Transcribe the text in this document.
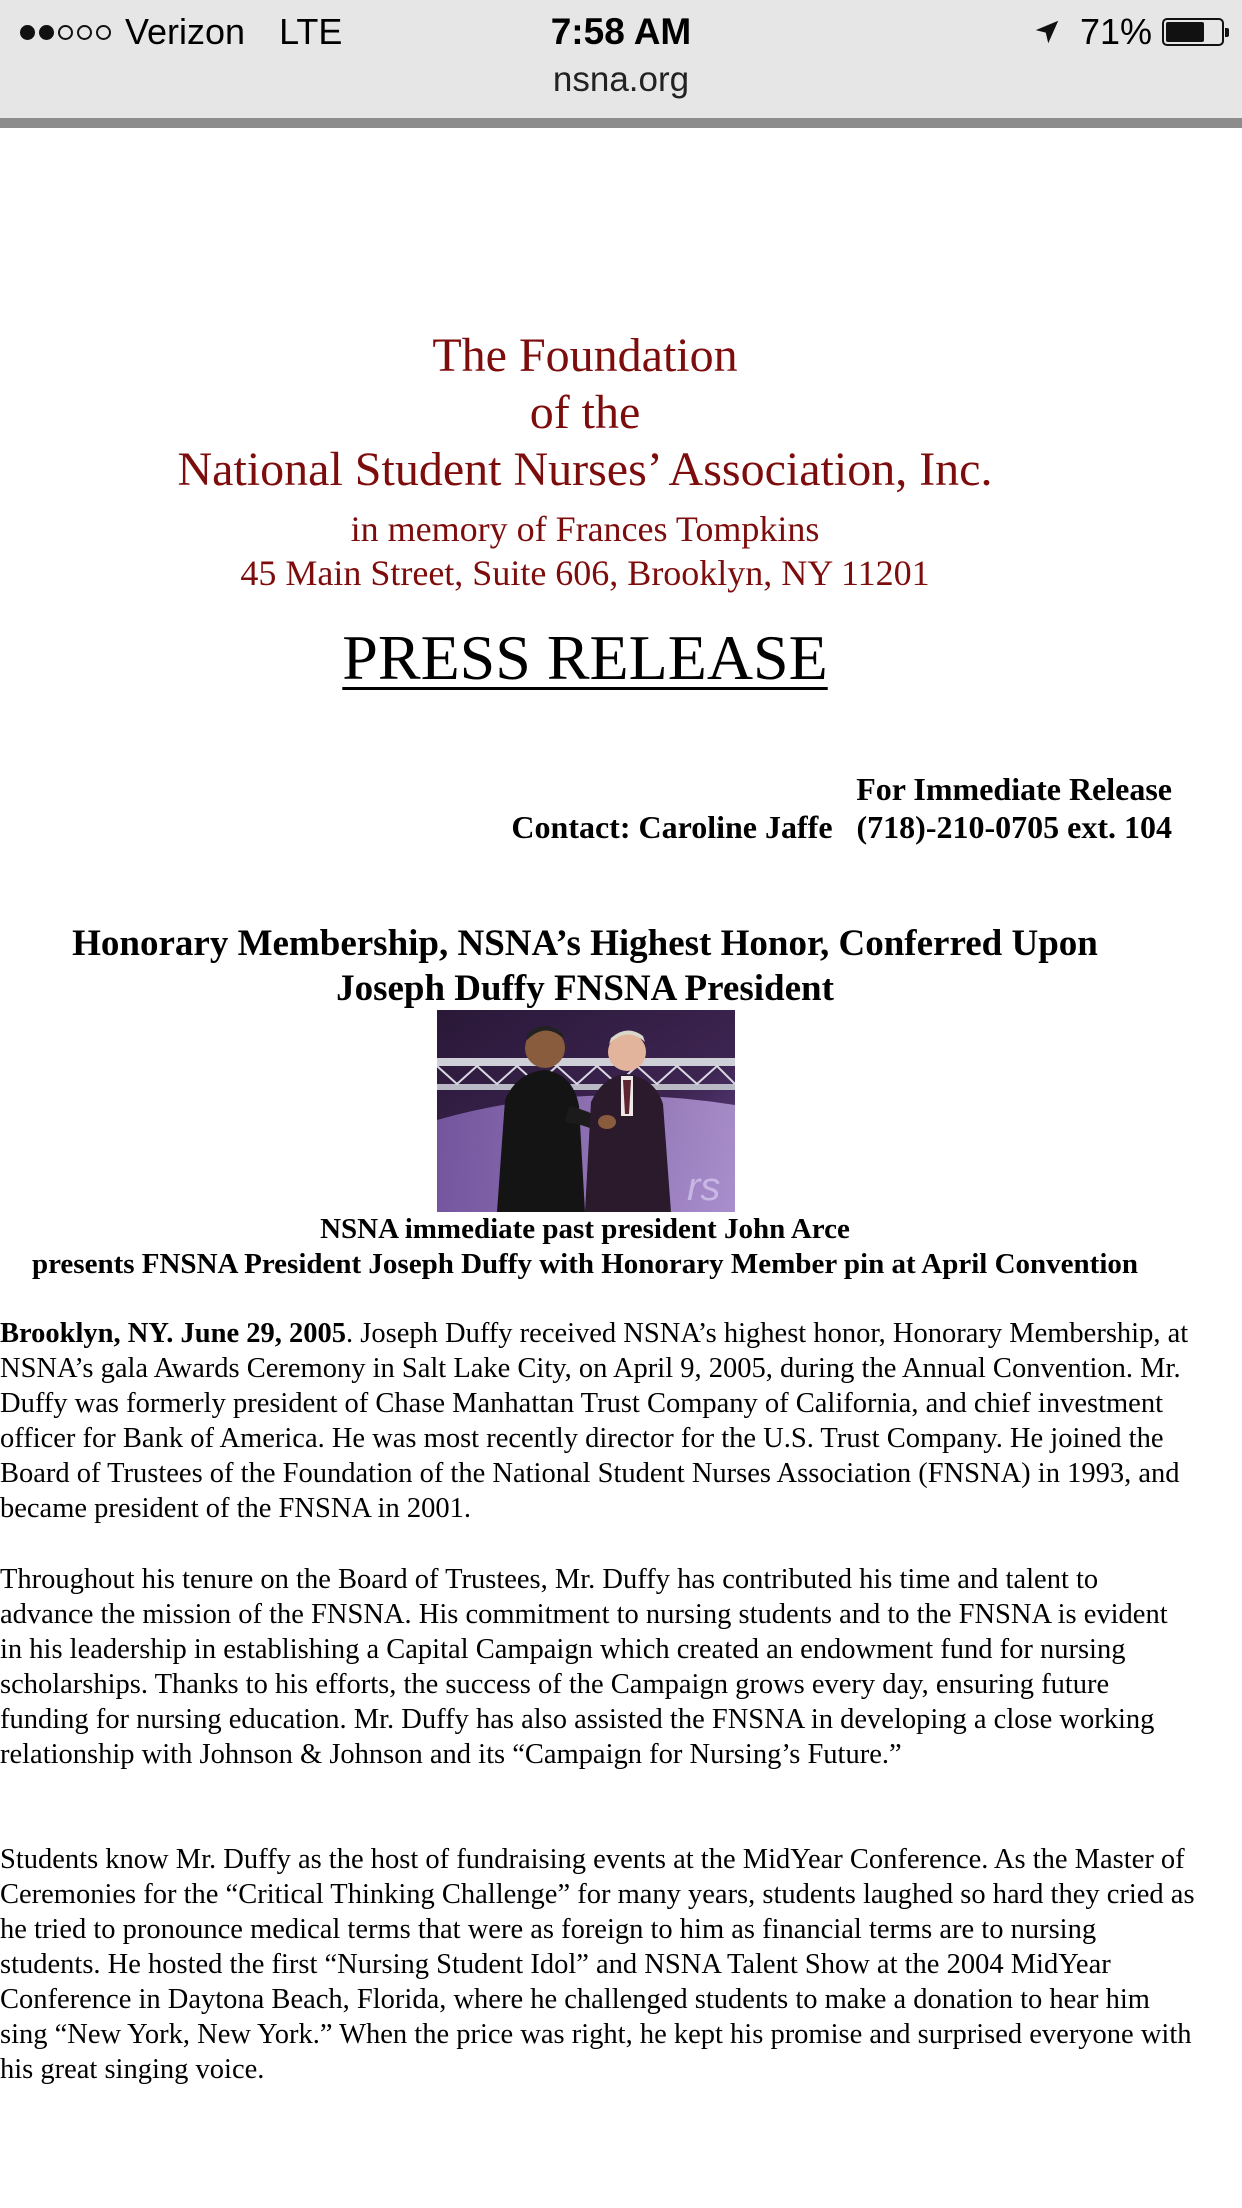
Verizon LTE	7:58 AM	71%
nsna.org
The Foundation
of the
National Student Nurses’ Association, Inc.
in memory of Frances Tompkins
45 Main Street, Suite 606, Brooklyn, NY 11201
PRESS RELEASE
For Immediate Release
Contact: Caroline Jaffe   (718)-210-0705 ext. 104
Honorary Membership, NSNA’s Highest Honor, Conferred Upon
Joseph Duffy FNSNA President
rs
NSNA immediate past president John Arce
presents FNSNA President Joseph Duffy with Honorary Member pin at April Convention
Brooklyn, NY. June 29, 2005. Joseph Duffy received NSNA’s highest honor, Honorary Membership, at NSNA’s gala Awards Ceremony in Salt Lake City, on April 9, 2005, during the Annual Convention. Mr. Duffy was formerly president of Chase Manhattan Trust Company of California, and chief investment officer for Bank of America. He was most recently director for the U.S. Trust Company. He joined the Board of Trustees of the Foundation of the National Student Nurses Association (FNSNA) in 1993, and became president of the FNSNA in 2001.
Throughout his tenure on the Board of Trustees, Mr. Duffy has contributed his time and talent to advance the mission of the FNSNA. His commitment to nursing students and to the FNSNA is evident in his leadership in establishing a Capital Campaign which created an endowment fund for nursing scholarships. Thanks to his efforts, the success of the Campaign grows every day, ensuring future funding for nursing education. Mr. Duffy has also assisted the FNSNA in developing a close working relationship with Johnson & Johnson and its “Campaign for Nursing’s Future.”
Students know Mr. Duffy as the host of fundraising events at the MidYear Conference. As the Master of Ceremonies for the “Critical Thinking Challenge” for many years, students laughed so hard they cried as he tried to pronounce medical terms that were as foreign to him as financial terms are to nursing students. He hosted the first “Nursing Student Idol” and NSNA Talent Show at the 2004 MidYear Conference in Daytona Beach, Florida, where he challenged students to make a donation to hear him sing “New York, New York.” When the price was right, he kept his promise and surprised everyone with his great singing voice.
